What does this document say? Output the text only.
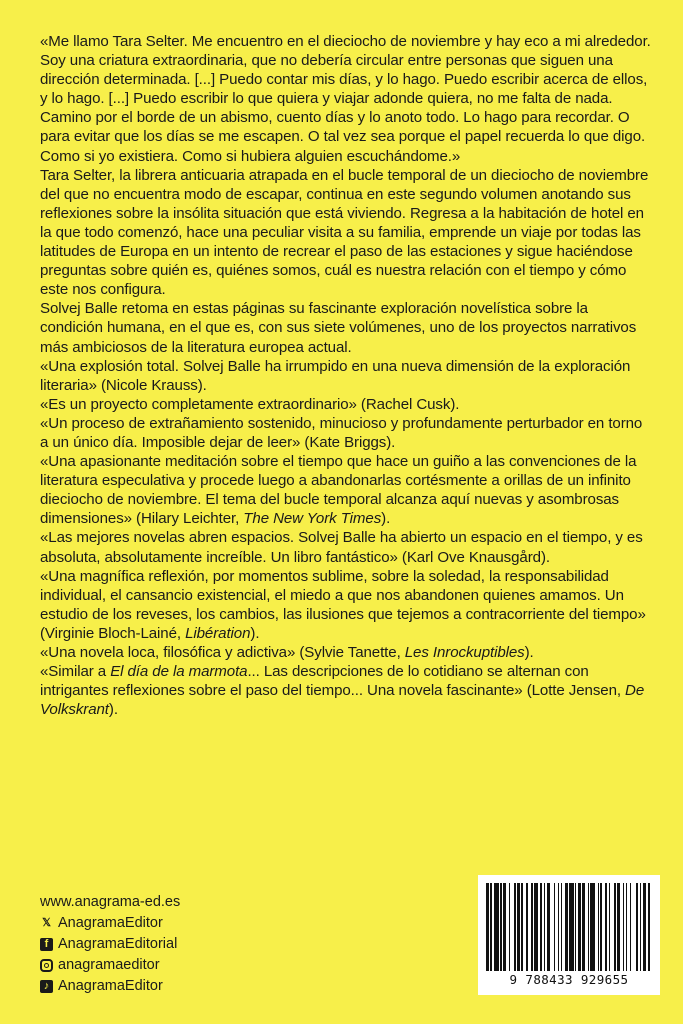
«Me llamo Tara Selter. Me encuentro en el dieciocho de noviembre y hay eco a mi alrededor. Soy una criatura extraordinaria, que no debería circular entre personas que siguen una dirección determinada. [...] Puedo contar mis días, y lo hago. Puedo escribir acerca de ellos, y lo hago. [...] Puedo escribir lo que quiera y viajar adonde quiera, no me falta de nada. Camino por el borde de un abismo, cuento días y lo anoto todo. Lo hago para recordar. O para evitar que los días se me escapen. O tal vez sea porque el papel recuerda lo que digo. Como si yo existiera. Como si hubiera alguien escuchándome.»

Tara Selter, la librera anticuaria atrapada en el bucle temporal de un dieciocho de noviembre del que no encuentra modo de escapar, continua en este segundo volumen anotando sus reflexiones sobre la insólita situación que está viviendo. Regresa a la habitación de hotel en la que todo comenzó, hace una peculiar visita a su familia, emprende un viaje por todas las latitudes de Europa en un intento de recrear el paso de las estaciones y sigue haciéndose preguntas sobre quién es, quiénes somos, cuál es nuestra relación con el tiempo y cómo este nos configura.

Solvej Balle retoma en estas páginas su fascinante exploración novelística sobre la condición humana, en el que es, con sus siete volúmenes, uno de los proyectos narrativos más ambiciosos de la literatura europea actual.

«Una explosión total. Solvej Balle ha irrumpido en una nueva dimensión de la exploración literaria» (Nicole Krauss).

«Es un proyecto completamente extraordinario» (Rachel Cusk).

«Un proceso de extrañamiento sostenido, minucioso y profundamente perturbador en torno a un único día. Imposible dejar de leer» (Kate Briggs).

«Una apasionante meditación sobre el tiempo que hace un guiño a las convenciones de la literatura especulativa y procede luego a abandonarlas cortésmente a orillas de un infinito dieciocho de noviembre. El tema del bucle temporal alcanza aquí nuevas y asombrosas dimensiones» (Hilary Leichter, The New York Times).

«Las mejores novelas abren espacios. Solvej Balle ha abierto un espacio en el tiempo, y es absoluta, absolutamente increíble. Un libro fantástico» (Karl Ove Knausgård).

«Una magnífica reflexión, por momentos sublime, sobre la soledad, la responsabilidad individual, el cansancio existencial, el miedo a que nos abandonen quienes amamos. Un estudio de los reveses, los cambios, las ilusiones que tejemos a contracorriente del tiempo» (Virginie Bloch-Lainé, Libération).

«Una novela loca, filosófica y adictiva» (Sylvie Tanette, Les Inrockuptibles).

«Similar a El día de la marmota... Las descripciones de lo cotidiano se alternan con intrigantes reflexiones sobre el paso del tiempo... Una novela fascinante» (Lotte Jensen, De Volkskrant).

www.anagrama-ed.es
𝕏 AnagramaEditor
f AnagramaEditorial
anagramaeditor
♪ AnagramaEditor	9 788433 929655
